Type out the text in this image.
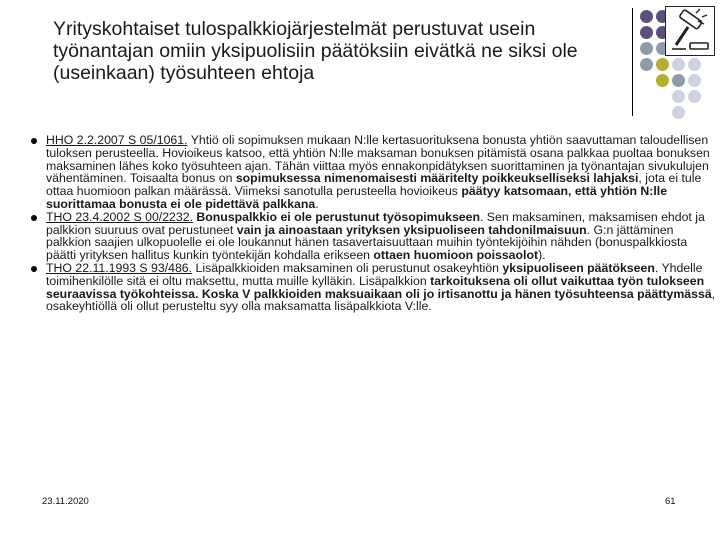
Yrityskohtaiset tulospalkkiojärjestelmät perustuvat usein työnantajan omiin yksipuolisiin päätöksiin eivätkä ne siksi ole (useinkaan) työsuhteen ehtoja
HHO 2.2.2007 S 05/1061. Yhtiö oli sopimuksen mukaan N:lle kertasuorituksena bonusta yhtiön saavuttaman taloudellisen tuloksen perusteella. Hovioikeus katsoo, että yhtiön N:lle maksaman bonuksen pitämistä osana palkkaa puoltaa bonuksen maksaminen lähes koko työsuhteen ajan. Tähän viittaa myös ennakonpidätyksen suorittaminen ja työnantajan sivukulujen vähentäminen. Toisaalta bonus on sopimuksessa nimenomaisesti määritelty poikkeukselliseksi lahjaksi, jota ei tule ottaa huomioon palkan määrässä. Viimeksi sanotulla perusteella hovioikeus päätyy katsomaan, että yhtiön N:lle suorittamaa bonusta ei ole pidettävä palkkana.
THO 23.4.2002 S 00/2232. Bonuspalkkio ei ole perustunut työsopimukseen. Sen maksaminen, maksamisen ehdot ja palkkion suuruus ovat perustuneet vain ja ainoastaan yrityksen yksipuoliseen tahdonilmaisuun. G:n jättäminen palkkion saajien ulkopuolelle ei ole loukannut hänen tasavertaisuuttaan muihin työntekijöihin nähden (bonuspalkkiosta päätti yrityksen hallitus kunkin työntekijän kohdalla erikseen ottaen huomioon poissaolot).
THO 22.11.1993 S 93/486. Lisäpalkkioiden maksaminen oli perustunut osakeyhtiön yksipuoliseen päätökseen. Yhdelle toimihenkilölle sitä ei oltu maksettu, mutta muille kylläkin. Lisäpalkkion tarkoituksena oli ollut vaikuttaa työn tulokseen seuraavissa työkohteissa. Koska V palkkioiden maksuaikaan oli jo irtisanottu ja hänen työsuhteensa päättymässä, osakeyhtiöllä oli ollut perusteltu syy olla maksamatta lisäpalkkiota V:lle.
23.11.2020	61
